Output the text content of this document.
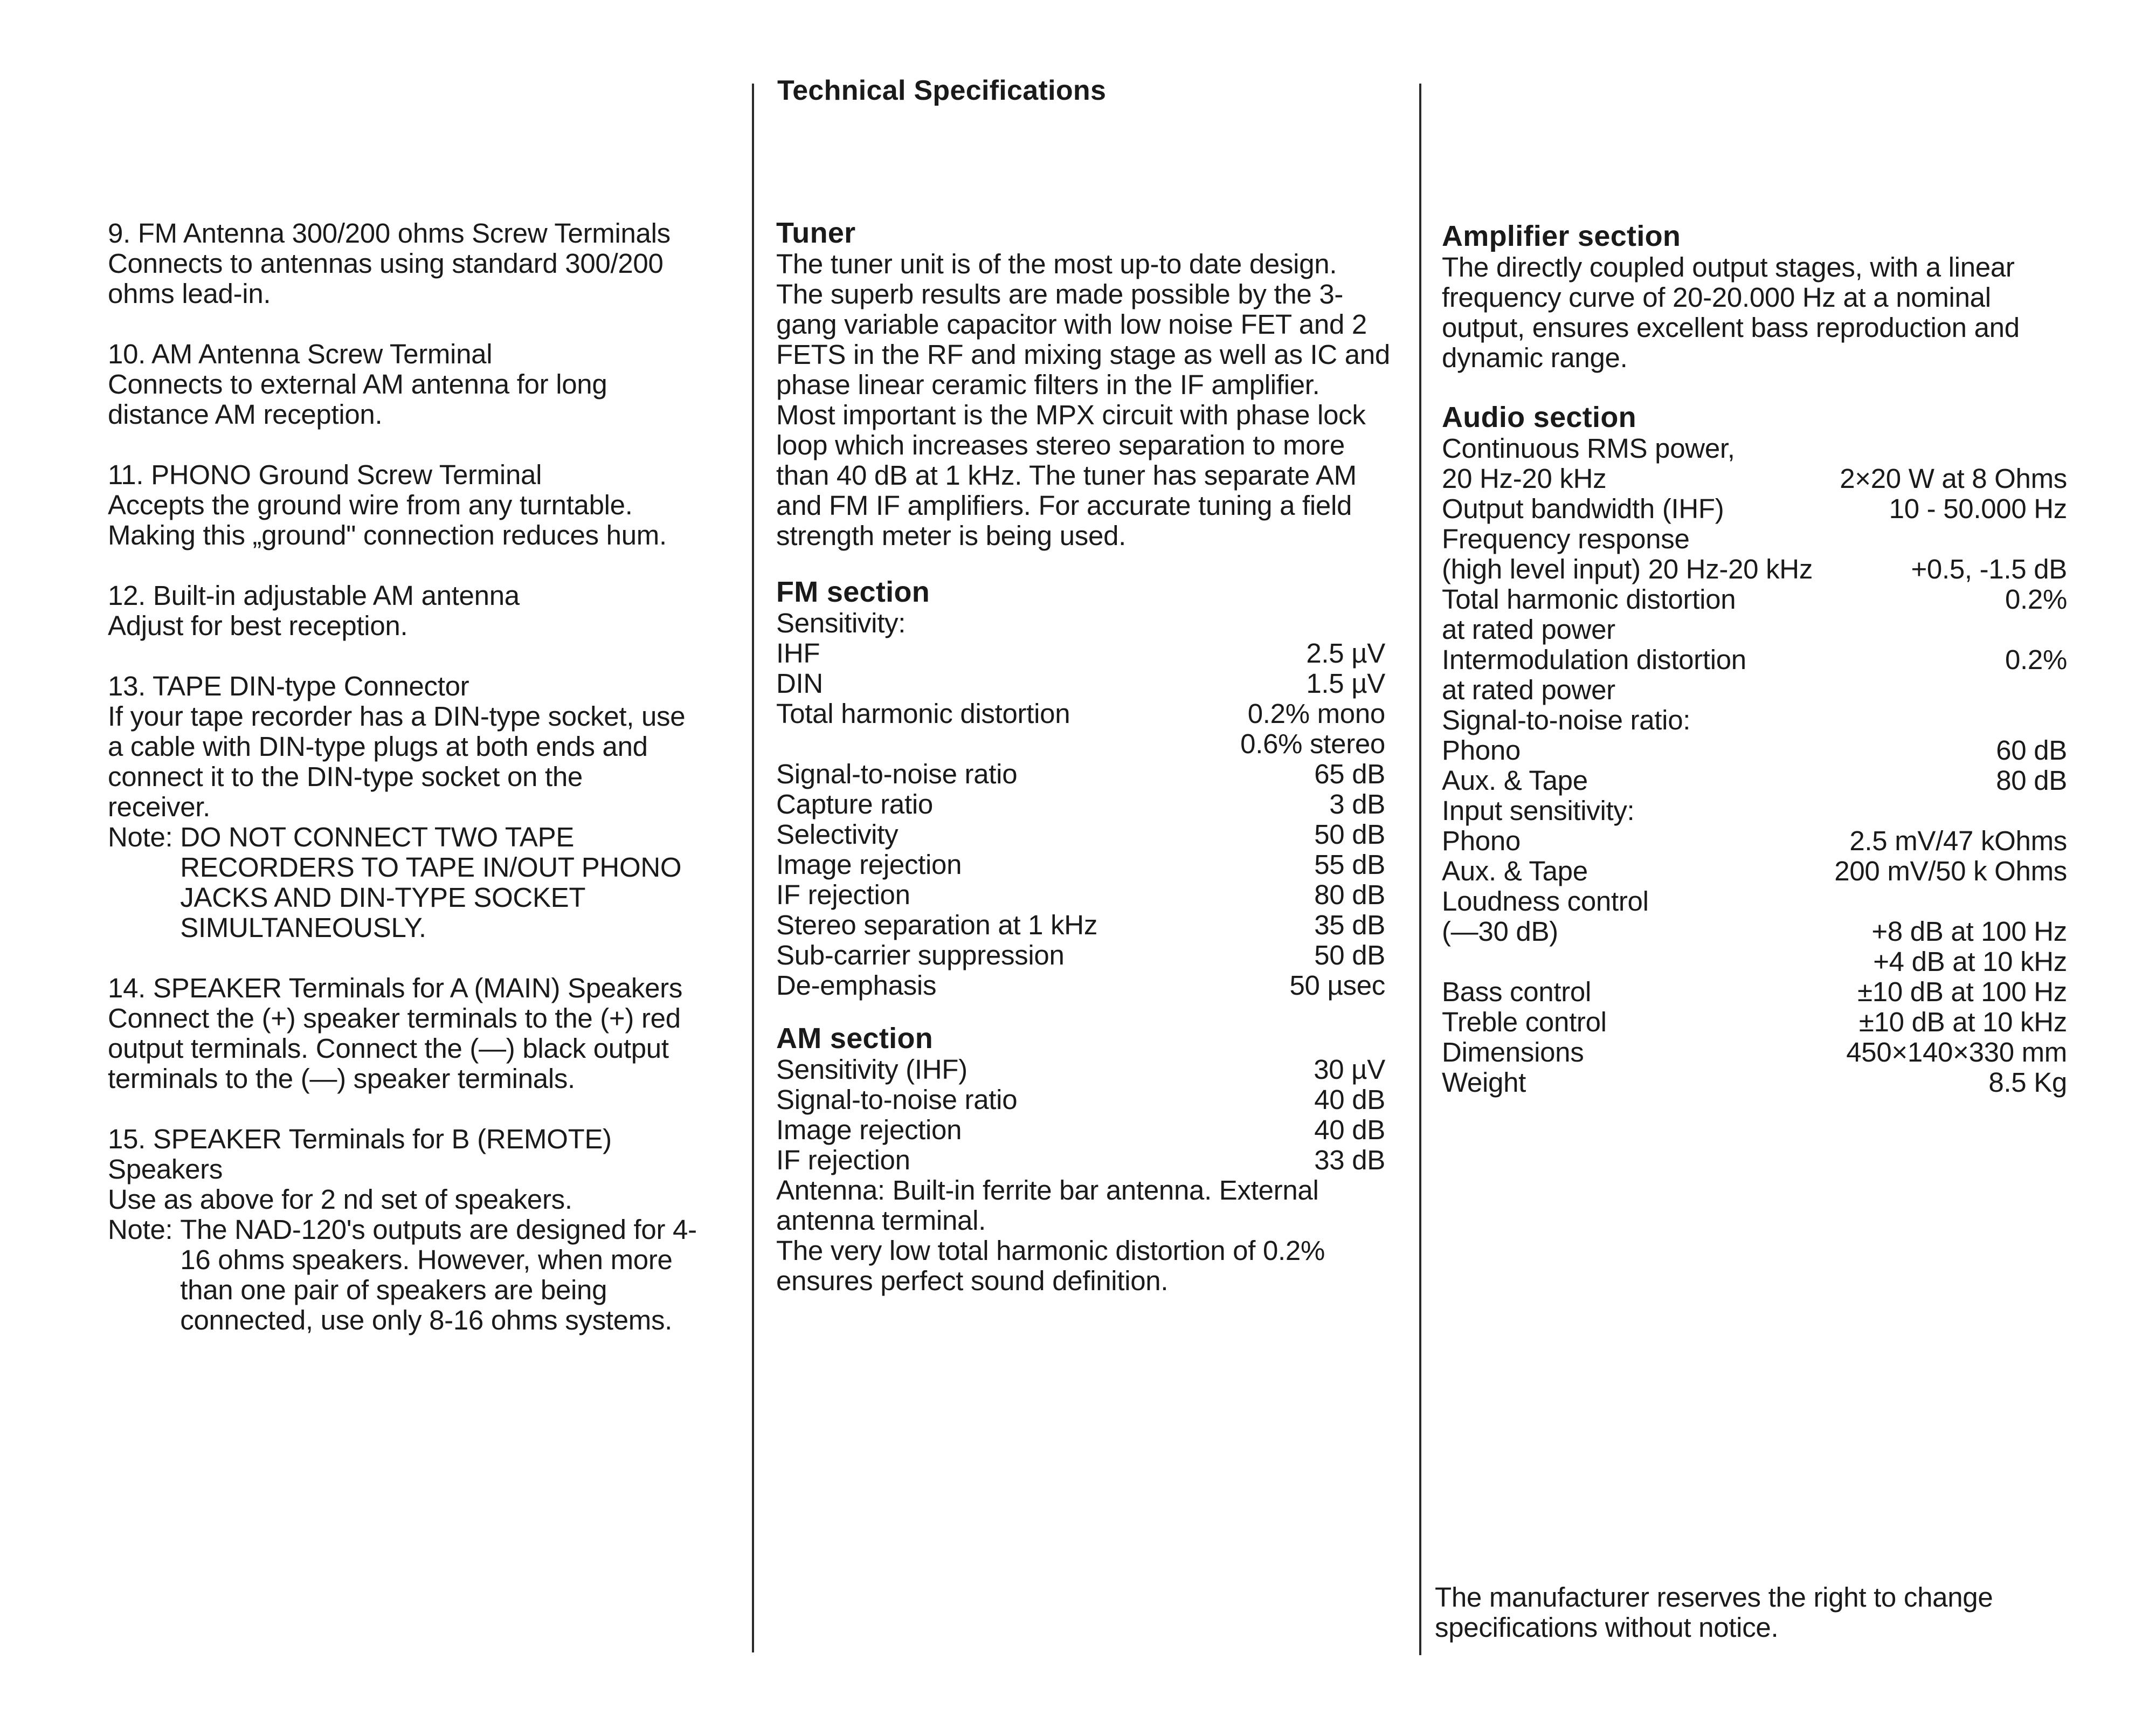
Technical Specifications
9. FM Antenna 300/200 ohms Screw Terminals
Connects to antennas using standard 300/200 ohms lead-in.
10. AM Antenna Screw Terminal
Connects to external AM antenna for long distance AM reception.
11. PHONO Ground Screw Terminal
Accepts the ground wire from any turntable. Making this „ground" connection reduces hum.
12. Built-in adjustable AM antenna
Adjust for best reception.
13. TAPE DIN-type Connector
If your tape recorder has a DIN-type socket, use a cable with DIN-type plugs at both ends and connect it to the DIN-type socket on the receiver.
Note: DO NOT CONNECT TWO TAPE RECORDERS TO TAPE IN/OUT PHONO JACKS AND DIN-TYPE SOCKET SIMULTANEOUSLY.
14. SPEAKER Terminals for A (MAIN) Speakers
Connect the (+) speaker terminals to the (+) red output terminals. Connect the (—) black output terminals to the (—) speaker terminals.
15. SPEAKER Terminals for B (REMOTE) Speakers
Use as above for 2 nd set of speakers.
Note: The NAD-120's outputs are designed for 4-16 ohms speakers. However, when more than one pair of speakers are being connected, use only 8-16 ohms systems.
Tuner
The tuner unit is of the most up-to date design. The superb results are made possible by the 3-gang variable capacitor with low noise FET and 2 FETS in the RF and mixing stage as well as IC and phase linear ceramic filters in the IF amplifier.
Most important is the MPX circuit with phase lock loop which increases stereo separation to more than 40 dB at 1 kHz. The tuner has separate AM and FM IF amplifiers. For accurate tuning a field strength meter is being used.
FM section
Sensitivity:
IHF	2.5 µV
DIN	1.5 µV
Total harmonic distortion	0.2% mono
0.6% stereo
Signal-to-noise ratio	65 dB
Capture ratio	3 dB
Selectivity	50 dB
Image rejection	55 dB
IF rejection	80 dB
Stereo separation at 1 kHz	35 dB
Sub-carrier suppression	50 dB
De-emphasis	50 µsec
AM section
Sensitivity (IHF)	30 µV
Signal-to-noise ratio	40 dB
Image rejection	40 dB
IF rejection	33 dB
Antenna: Built-in ferrite bar antenna. External antenna terminal.
The very low total harmonic distortion of 0.2% ensures perfect sound definition.
Amplifier section
The directly coupled output stages, with a linear frequency curve of 20-20.000 Hz at a nominal output, ensures excellent bass reproduction and dynamic range.
Audio section
Continuous RMS power,
20 Hz-20 kHz	2×20 W at 8 Ohms
Output bandwidth (IHF)	10 - 50.000 Hz
Frequency response
(high level input) 20 Hz-20 kHz	+0.5, -1.5 dB
Total harmonic distortion	0.2%
at rated power
Intermodulation distortion	0.2%
at rated power
Signal-to-noise ratio:
Phono	60 dB
Aux. & Tape	80 dB
Input sensitivity:
Phono	2.5 mV/47 kOhms
Aux. & Tape	200 mV/50 k Ohms
Loudness control
(—30 dB)	+8 dB at 100 Hz
+4 dB at 10 kHz
Bass control	±10 dB at 100 Hz
Treble control	±10 dB at 10 kHz
Dimensions	450×140×330 mm
Weight	8.5 Kg
The manufacturer reserves the right to change specifications without notice.
